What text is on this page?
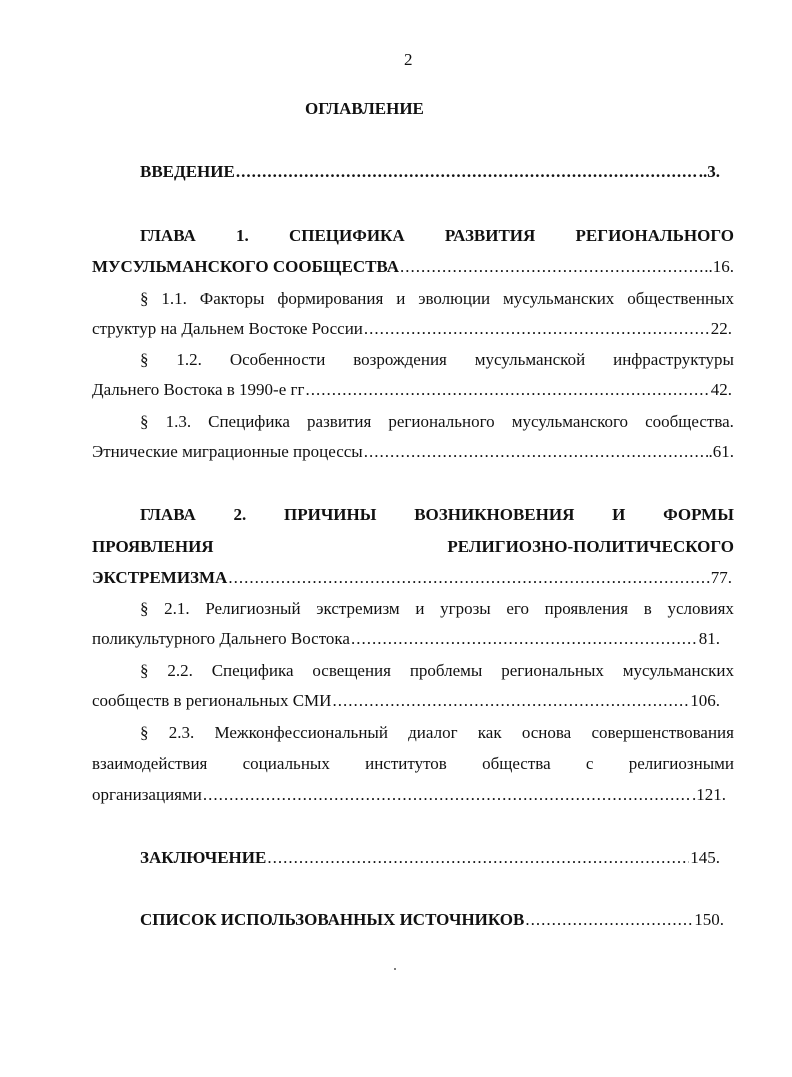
2
ОГЛАВЛЕНИЕ
ВВЕДЕНИЕ .....	..3.
ГЛАВА 1. СПЕЦИФИКА РАЗВИТИЯ РЕГИОНАЛЬНОГО
МУСУЛЬМАНСКОГО СООБЩЕСТВА .....	..16.
§ 1.1. Факторы формирования и эволюции мусульманских общественных
структур на Дальнем Востоке России .....	22.
§ 1.2. Особенности возрождения мусульманской инфраструктуры
Дальнего Востока в 1990-е гг .....	42.
§ 1.3. Специфика развития регионального мусульманского сообщества.
Этнические миграционные процессы .....	.61.
ГЛАВА 2. ПРИЧИНЫ ВОЗНИКНОВЕНИЯ И ФОРМЫ
ПРОЯВЛЕНИЯ	РЕЛИГИОЗНО-ПОЛИТИЧЕСКОГО
ЭКСТРЕМИЗМА .....	77.
§ 2.1. Религиозный экстремизм и угрозы его проявления в условиях
поликультурного Дальнего Востока .....	81.
§ 2.2. Специфика освещения проблемы региональных мусульманских
сообществ в региональных СМИ .....	106.
§ 2.3. Межконфессиональный диалог как основа совершенствования
взаимодействия социальных институтов общества с религиозными
организациями .....	.121.
ЗАКЛЮЧЕНИЕ .....	145.
СПИСОК ИСПОЛЬЗОВАННЫХ ИСТОЧНИКОВ .....	150.
